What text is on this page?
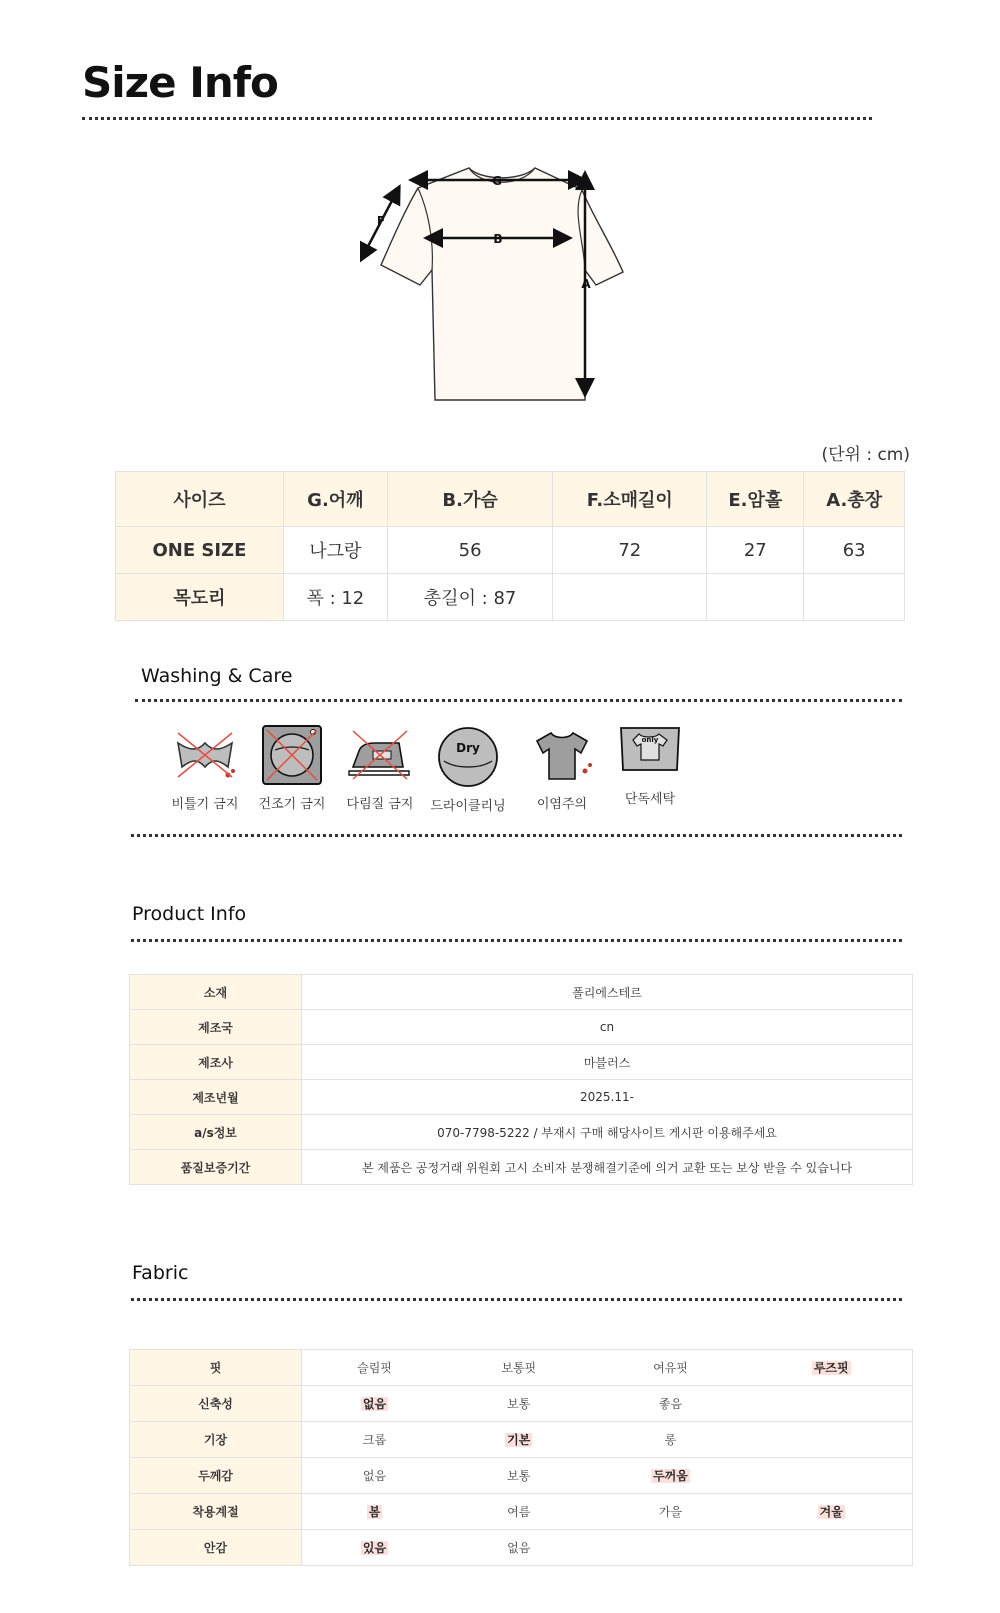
Size Info
G
B
F
A
(단위 : cm)
사이즈	G.어깨	B.가슴	F.소매길이	E.암홀	A.총장
ONE SIZE	나그랑	56	72	27	63
목도리	폭 : 12	총길이 : 87			
Washing & Care
비틀기 금지	건조기 금지	다림질 금지
Dry
드라이클리닝	이염주의
only
단독세탁
Product Info
소재	폴리에스테르
제조국	cn
제조사	마블러스
제조년월	2025.11-
a/s정보	070-7798-5222 / 부재시 구매 해당사이트 게시판 이용해주세요
품질보증기간	본 제품은 공정거래 위원회 고시 소비자 분쟁해결기준에 의거 교환 또는 보상 받을 수 있습니다
Fabric
핏	슬림핏	보통핏	여유핏	루즈핏
신축성	없음	보통	좋음	
기장	크롭	기본	롱	
두께감	없음	보통	두꺼움	
착용계절	봄	여름	가을	겨울
안감	있음	없음		
